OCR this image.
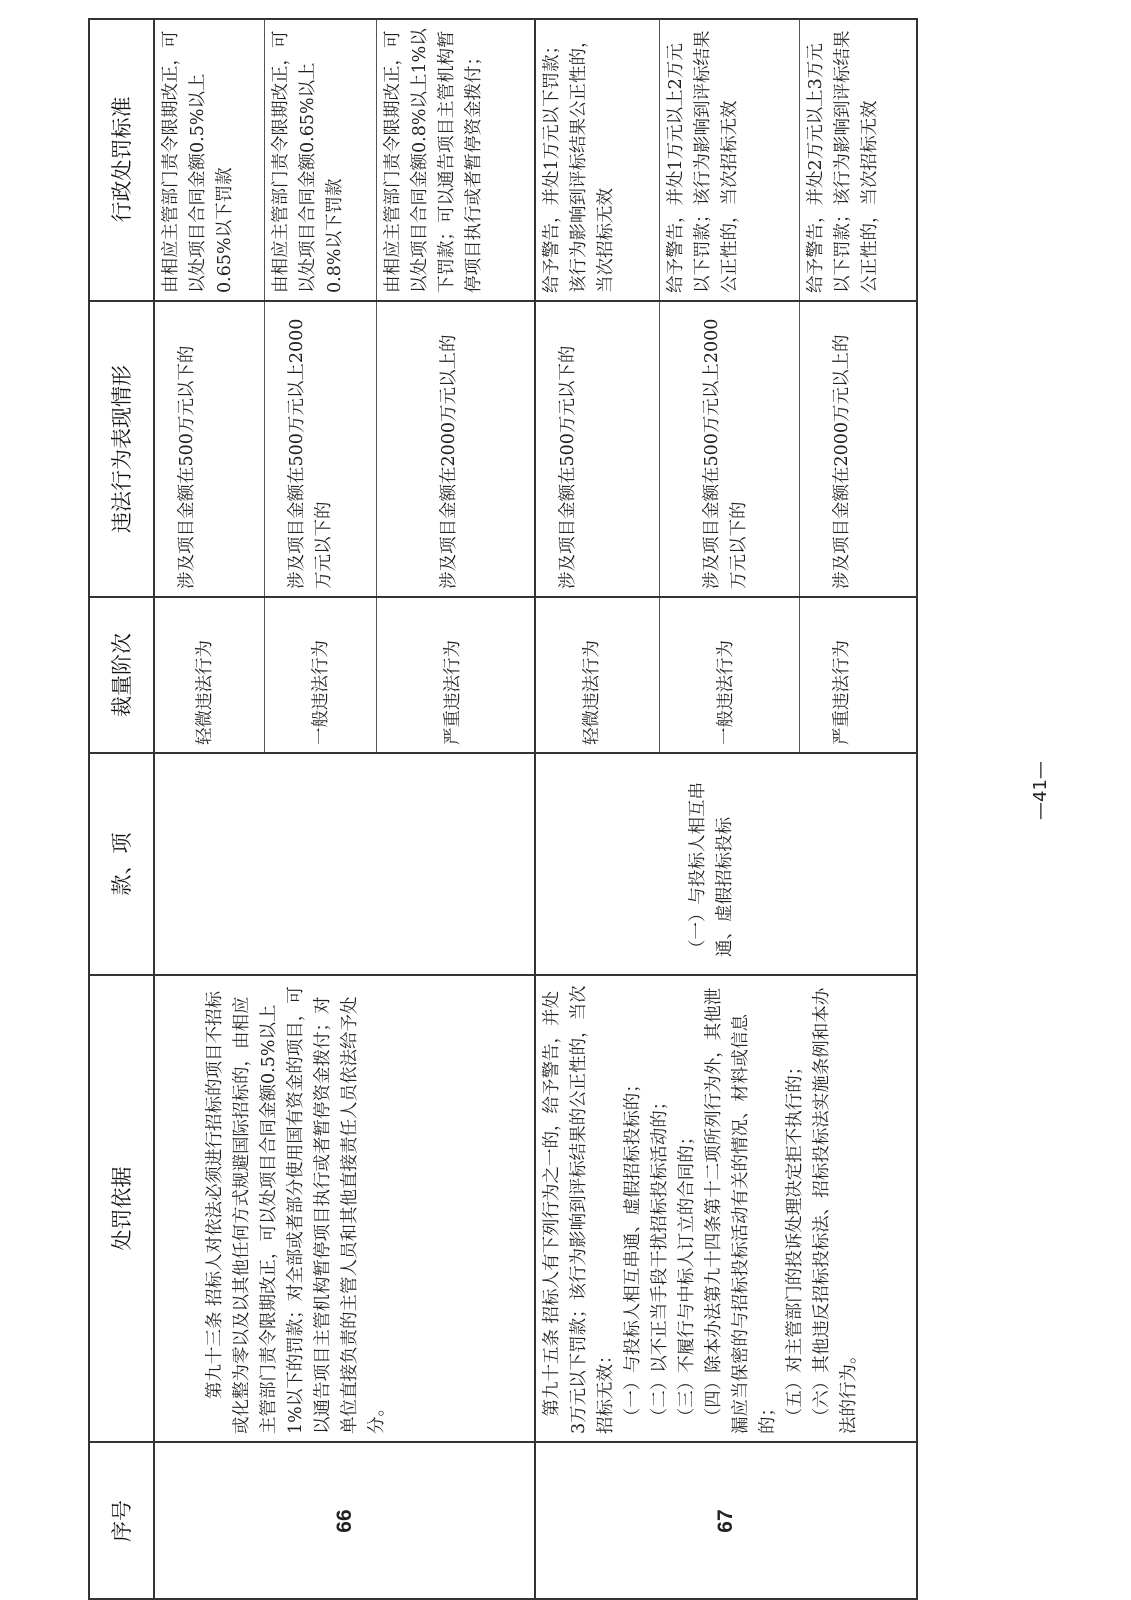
序号
处罚依据
款、项
裁量阶次
违法行为表现情形
行政处罚标准
66
　　第九十三条 招标人对依法必须进行招标的项目不招标或化整为零以及以其他任何方式规避国际招标的，由相应主管部门责令限期改正，可以处项目合同金额0.5%以上1%以下的罚款；对全部或者部分使用国有资金的项目，可以通告项目主管机构暂停项目执行或者暂停资金拨付；对单位直接负责的主管人员和其他直接责任人员依法给予处分。
轻微违法行为
涉及项目金额在500万元以下的
由相应主管部门责令限期改正，可以处项目合同金额0.5%以上0.65%以下罚款
一般违法行为
涉及项目金额在500万元以上2000万元以下的
由相应主管部门责令限期改正，可以处项目合同金额0.65%以上0.8%以下罚款
严重违法行为
涉及项目金额在2000万元以上的
由相应主管部门责令限期改正，可以处项目合同金额0.8%以上1%以下罚款；可以通告项目主管机构暂停项目执行或者暂停资金拨付；
67
　第九十五条 招标人有下列行为之一的，给予警告，并处3万元以下罚款；该行为影响到评标结果的公正性的，当次招标无效： 　（一）与投标人相互串通、虚假招标投标的； 　（二）以不正当手段干扰招标投标活动的； 　（三）不履行与中标人订立的合同的； 　（四）除本办法第九十四条第十二项所列行为外，其他泄漏应当保密的与招标投标活动有关的情况、材料或信息的； 　（五）对主管部门的投诉处理决定拒不执行的； 　（六）其他违反招标投标法、招标投标法实施条例和本办法的行为。
（一）与投标人相互串通、虚假招标投标
轻微违法行为
涉及项目金额在500万元以下的
给予警告，并处1万元以下罚款；该行为影响到评标结果公正性的，当次招标无效
一般违法行为
涉及项目金额在500万元以上2000万元以下的
给予警告，并处1万元以上2万元以下罚款；该行为影响到评标结果公正性的，当次招标无效
严重违法行为
涉及项目金额在2000万元以上的
给予警告，并处2万元以上3万元以下罚款；该行为影响到评标结果公正性的，当次招标无效
—41—
